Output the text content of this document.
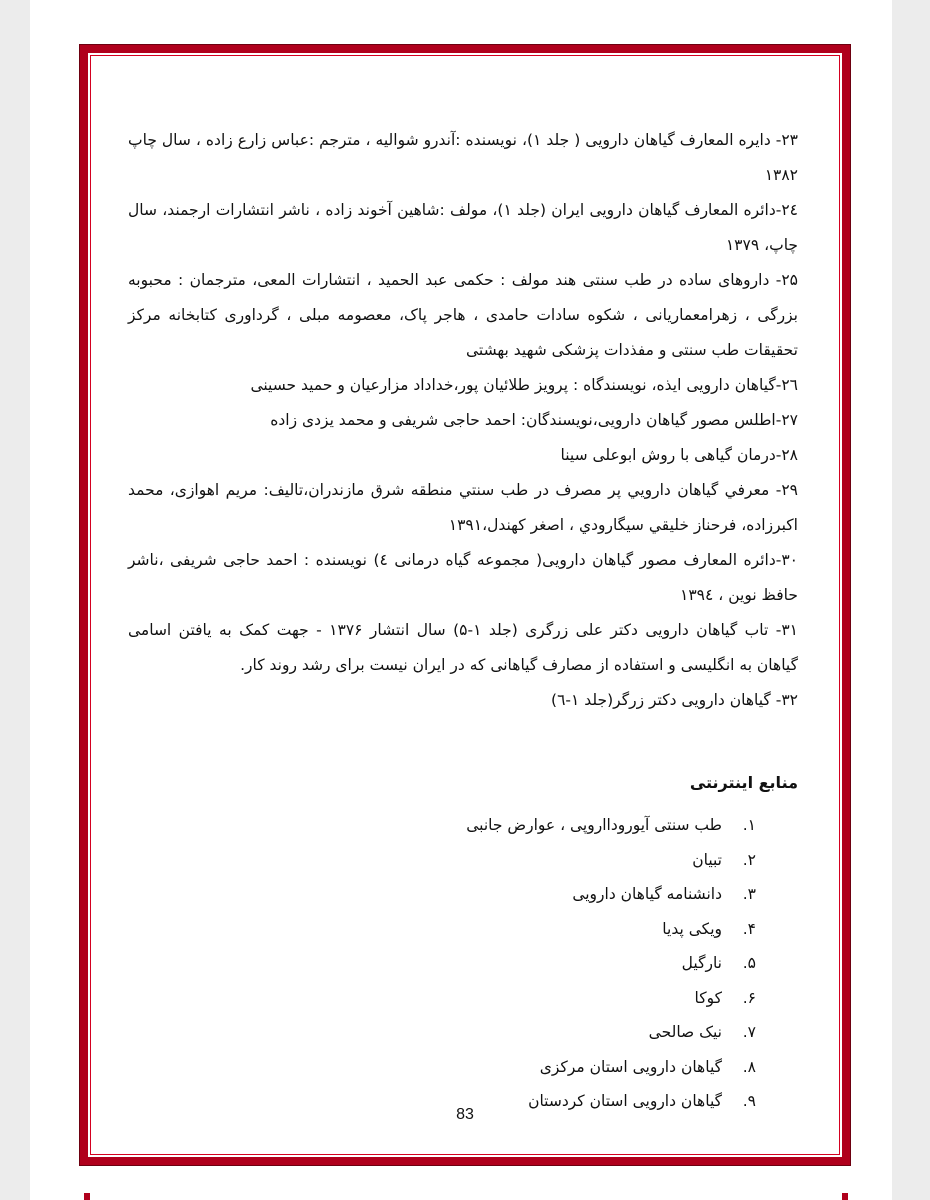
۲۳- دایره المعارف گیاهان دارویی ( جلد ۱)، نویسنده :آندرو شوالیه ، مترجم :عباس زارع زاده ، سال چاپ ۱۳۸۲

۲٤-دائره المعارف گیاهان دارویی ایران (جلد ۱)، مولف :شاهین آخوند زاده ، ناشر انتشارات ارجمند، سال چاپ، ۱۳۷۹

۲۵- داروهای ساده در طب سنتی هند مولف : حکمی عبد الحمید ، انتشارات المعی، مترجمان : محبوبه بزرگی ، زهرامعماریانی ، شکوه سادات حامدی ، هاجر پاک، معصومه مبلی ، گرداوری کتابخانه مرکز تحقیقات طب سنتی و مفذدات پزشکی شهید بهشتی

۲٦-گیاهان دارویی ایذه، نویسندگاه : پرویز طلائیان پور،خداداد مزارعیان و حمید حسینی

۲۷-اطلس مصور گیاهان دارویی،نویسندگان: احمد حاجی شریفی و محمد یزدی زاده

۲۸-درمان گیاهی با روش ابوعلی سینا

۲۹- معرفي گياهان دارويي پر مصرف در طب سنتي منطقه شرق مازندران،تاليف: مريم اهوازی، محمد اكبرزاده، فرحناز خليقي سيگارودي ، اصغر كهندل،۱۳۹۱

۳۰-دائره المعارف مصور گیاهان دارویی( مجموعه گیاه درمانی ٤) نویسنده : احمد حاجی شریفی ،ناشر حافظ نوین ، ۱۳۹٤

۳۱- تاب گیاهان دارویی دکتر علی زرگری (جلد ۱-۵) سال انتشار ۱۳۷۶ - جهت کمک به یافتن اسامی گیاهان به انگلیسی و استفاده از مصارف گیاهانی که در ایران نیست برای رشد روند کار.

۳۲- گیاهان دارویی دکتر زرگر(جلد ۱-٦)

منابع اینترنتی
۱.
طب سنتی آیورودااروپی ، عوارض جانبی
۲.
تبیان
۳.
دانشنامه گیاهان دارویی
۴.
ویکی پدیا
۵.
نارگیل
۶.
کوکا
۷.
نیک صالحی
۸.
گیاهان دارویی استان مرکزی
۹.
گیاهان دارویی استان کردستان
83
